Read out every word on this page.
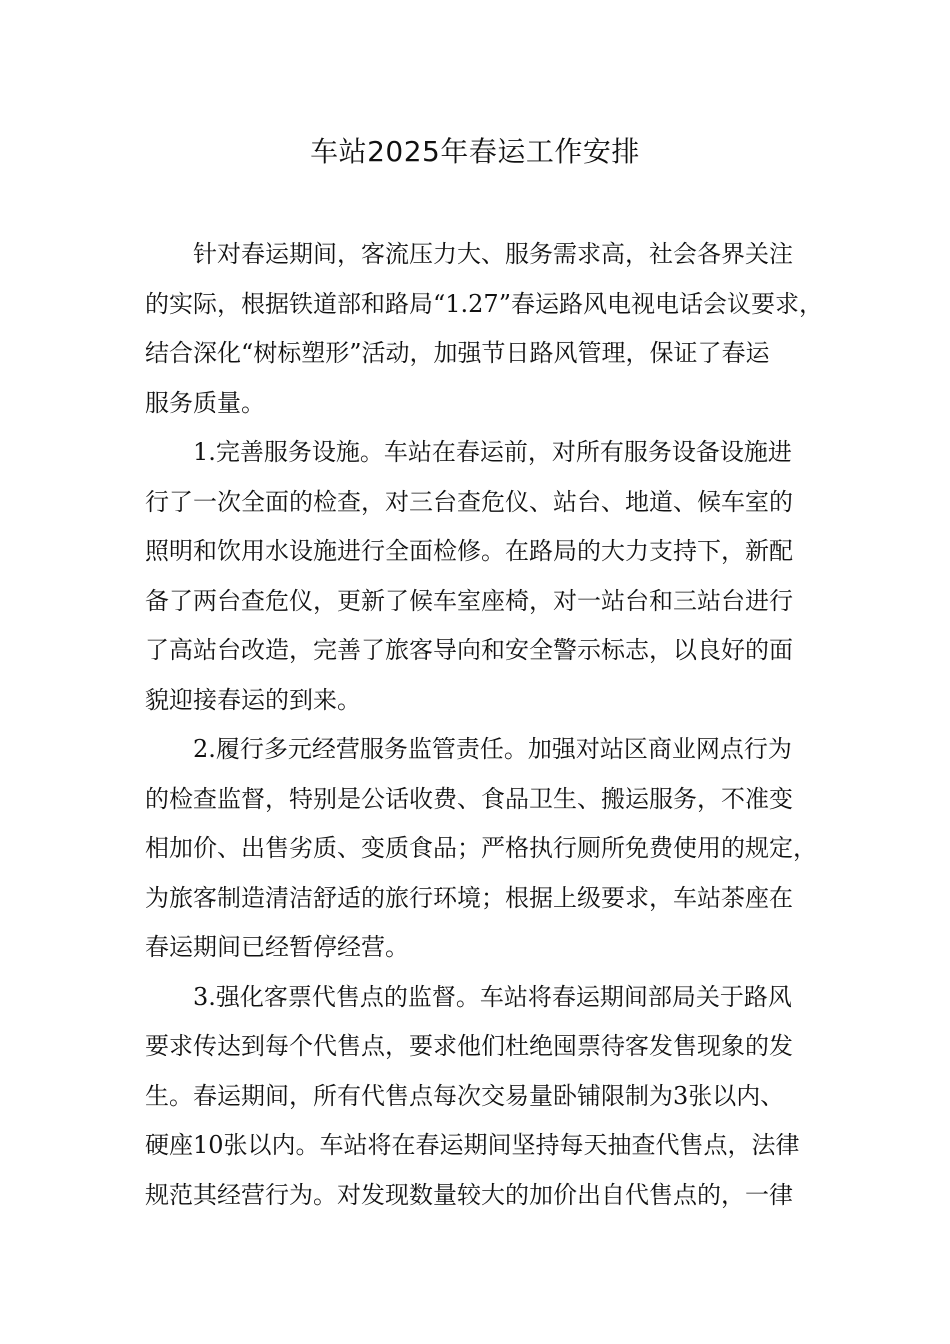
车站2025年春运工作安排
针对春运期间，客流压力大、服务需求高，社会各界关注
的实际，根据铁道部和路局“1.27”春运路风电视电话会议要求，
结合深化“树标塑形”活动，加强节日路风管理，保证了春运
服务质量。
1.完善服务设施。车站在春运前，对所有服务设备设施进
行了一次全面的检查，对三台查危仪、站台、地道、候车室的
照明和饮用水设施进行全面检修。在路局的大力支持下，新配
备了两台查危仪，更新了候车室座椅，对一站台和三站台进行
了高站台改造，完善了旅客导向和安全警示标志，以良好的面
貌迎接春运的到来。
2.履行多元经营服务监管责任。加强对站区商业网点行为
的检查监督，特别是公话收费、食品卫生、搬运服务，不准变
相加价、出售劣质、变质食品；严格执行厕所免费使用的规定，
为旅客制造清洁舒适的旅行环境；根据上级要求，车站茶座在
春运期间已经暂停经营。
3.强化客票代售点的监督。车站将春运期间部局关于路风
要求传达到每个代售点，要求他们杜绝囤票待客发售现象的发
生。春运期间，所有代售点每次交易量卧铺限制为3张以内、
硬座10张以内。车站将在春运期间坚持每天抽查代售点，法律
规范其经营行为。对发现数量较大的加价出自代售点的，一律
